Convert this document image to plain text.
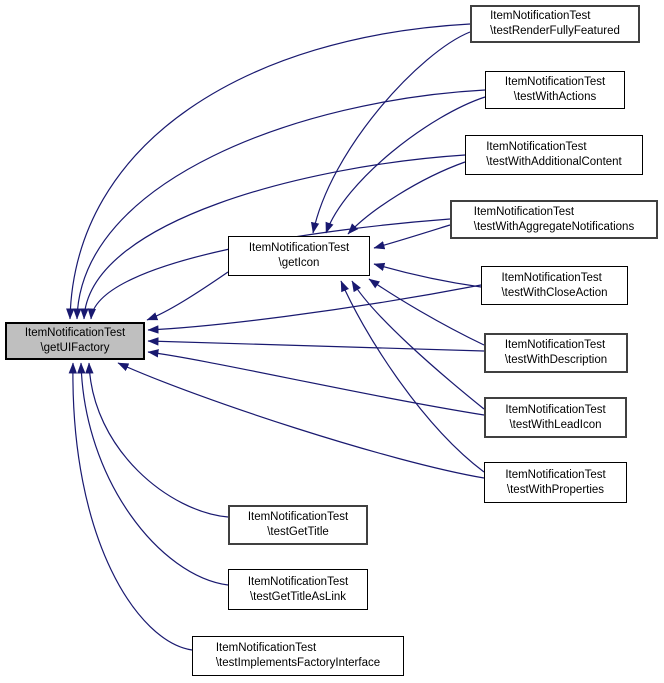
ItemNotificationTest
\getUIFactory
ItemNotificationTest
\getIcon
ItemNotificationTest
\testRenderFullyFeatured
ItemNotificationTest
\testWithActions
ItemNotificationTest
\testWithAdditionalContent
ItemNotificationTest
\testWithAggregateNotifications
ItemNotificationTest
\testWithCloseAction
ItemNotificationTest
\testWithDescription
ItemNotificationTest
\testWithLeadIcon
ItemNotificationTest
\testWithProperties
ItemNotificationTest
\testGetTitle
ItemNotificationTest
\testGetTitleAsLink
ItemNotificationTest
\testImplementsFactoryInterface
